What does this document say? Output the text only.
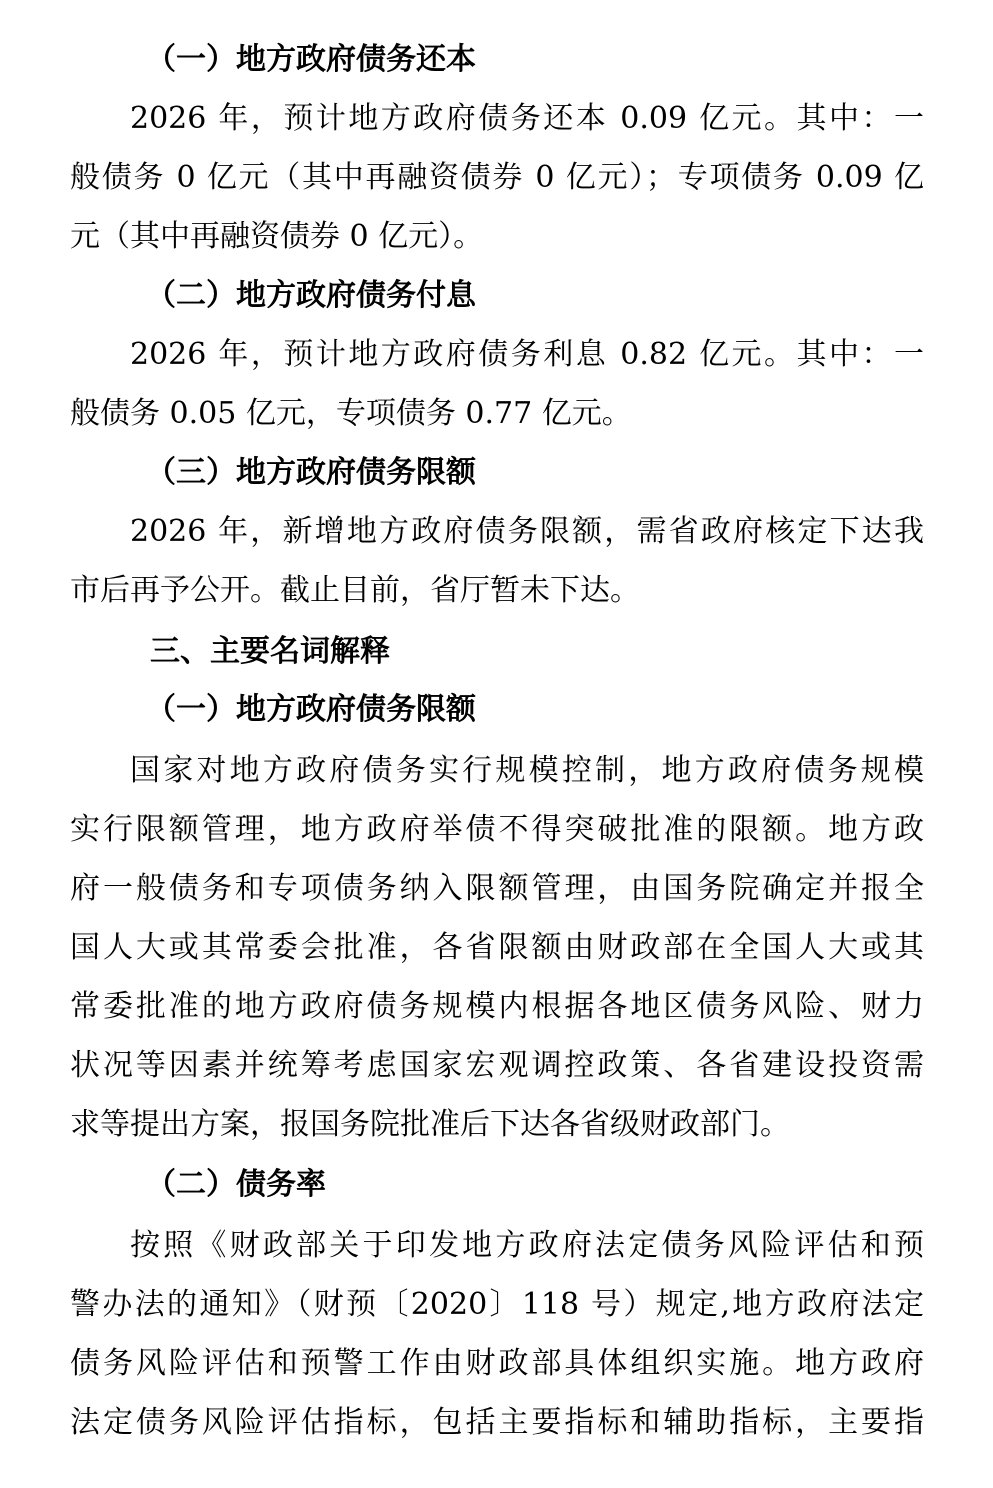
（一）地方政府债务还本
2026 年，预计地方政府债务还本 0.09 亿元。其中：一
般债务 0 亿元（其中再融资债券 0 亿元）；专项债务 0.09 亿
元（其中再融资债券 0 亿元）。
（二）地方政府债务付息
2026 年，预计地方政府债务利息 0.82 亿元。其中：一
般债务 0.05 亿元，专项债务 0.77 亿元。
（三）地方政府债务限额
2026 年，新增地方政府债务限额，需省政府核定下达我
市后再予公开。截止目前，省厅暂未下达。
三、主要名词解释
（一）地方政府债务限额
国家对地方政府债务实行规模控制，地方政府债务规模
实行限额管理，地方政府举债不得突破批准的限额。地方政
府一般债务和专项债务纳入限额管理，由国务院确定并报全
国人大或其常委会批准，各省限额由财政部在全国人大或其
常委批准的地方政府债务规模内根据各地区债务风险、财力
状况等因素并统筹考虑国家宏观调控政策、各省建设投资需
求等提出方案，报国务院批准后下达各省级财政部门。
（二）债务率
按照《财政部关于印发地方政府法定债务风险评估和预
警办法的通知》（财预〔2020〕118 号）规定,地方政府法定
债务风险评估和预警工作由财政部具体组织实施。地方政府
法定债务风险评估指标，包括主要指标和辅助指标，主要指
